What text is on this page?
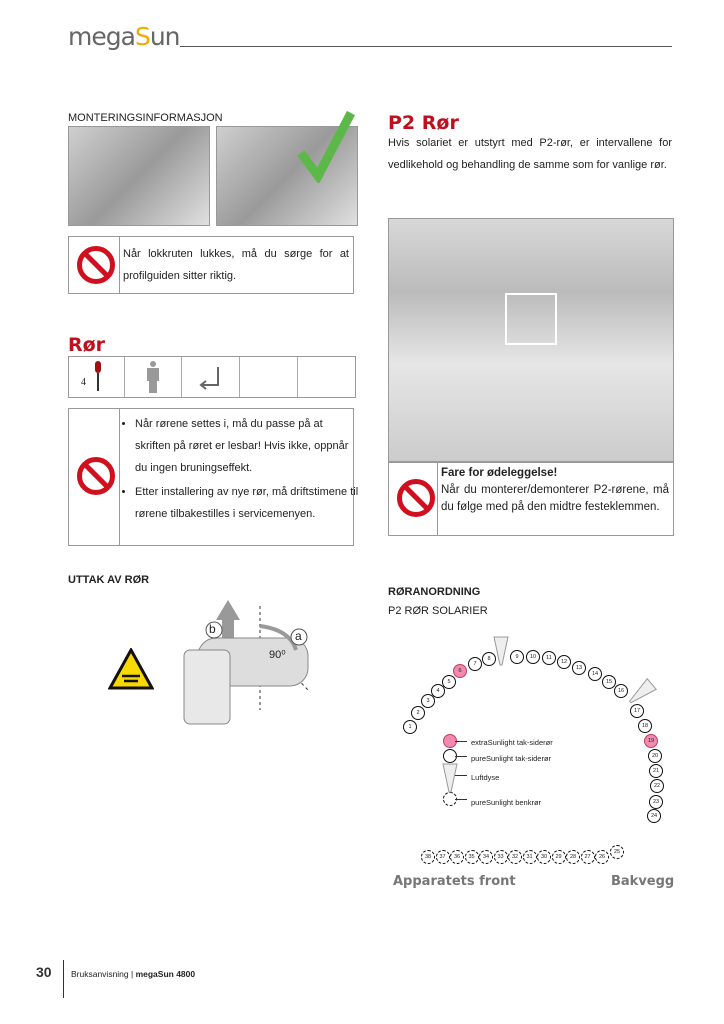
megaSun
MONTERINGSINFORMASJON
Når lokkruten lukkes, må du sørge for at profilguiden sitter riktig.
Rør
4
• Når rørene settes i, må du passe på at skriften på røret er lesbar! Hvis ikke, oppnår du ingen bruningseffekt.
• Etter installering av nye rør, må driftstimene til rørene tilbakestilles i servicemenyen.
UTTAK AV RØR
b	a
90⁰
P2 Rør
Hvis solariet er utstyrt med P2-rør, er intervallene for vedlikehold og behandling de samme som for vanlige rør.
Fare for ødeleggelse!
Når du monterer/demonterer P2-rørene, må du følge med på den midtre festeklemmen.
RØRANORDNING
P2 RØR SOLARIER
1
2
3
4
5
6
7
8	9	10	11
12
13
14
15
16
17
18
19
20
21
22
23
24
25
26
27
28
29
30
31
32
33
34
35
36
37
38
extraSunlight tak-siderør
pureSunlight tak-siderør
Luftdyse
pureSunlight benkrør
Apparatets front	Bakvegg
30 Bruksanvisning | megaSun 4800
